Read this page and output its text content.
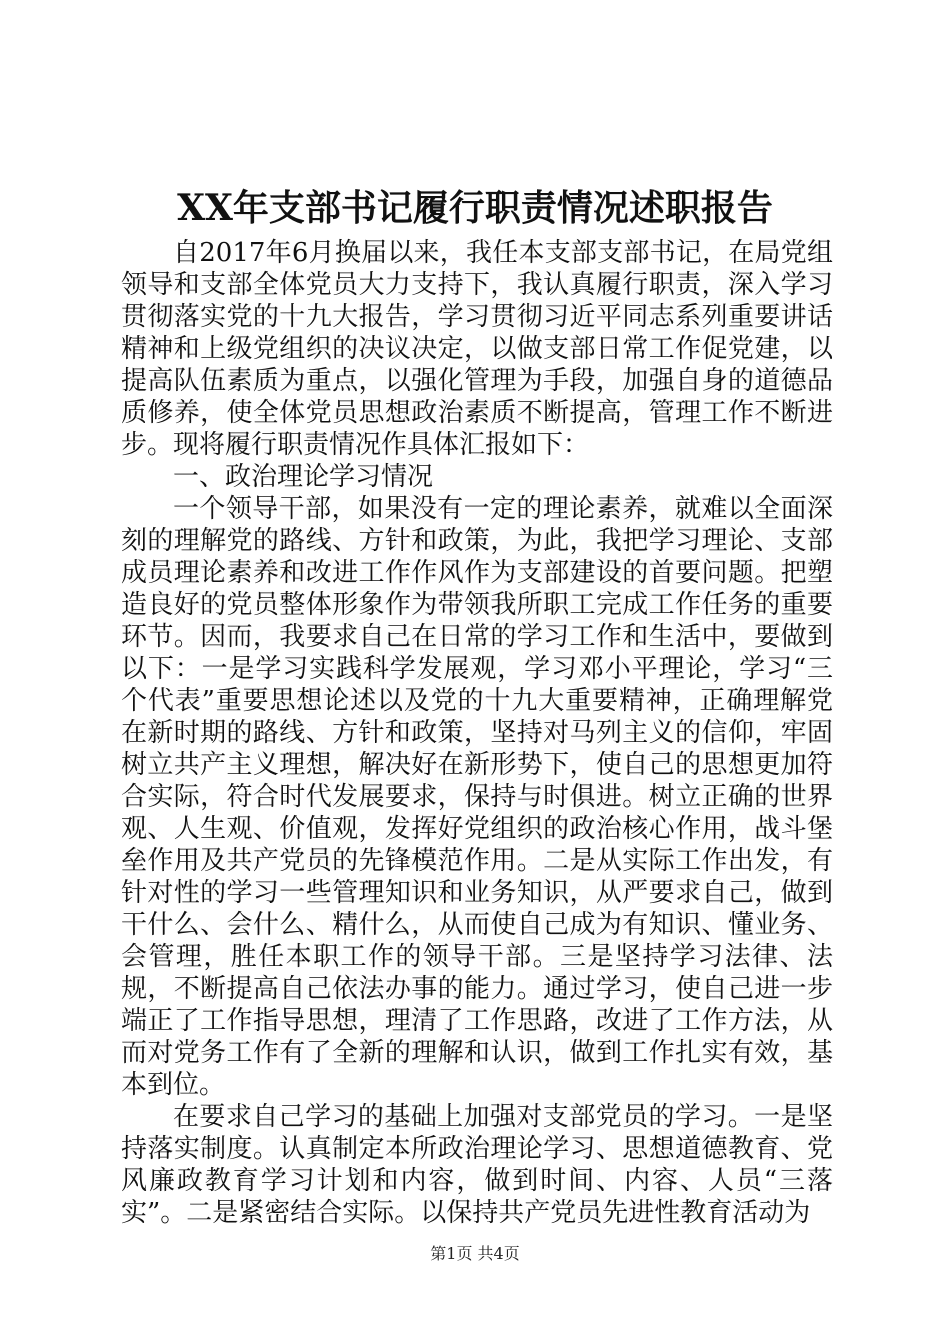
XX年支部书记履行职责情况述职报告

自2017年6月换届以来，我任本支部支部书记，在局党组领导和支部全体党员大力支持下，我认真履行职责，深入学习贯彻落实党的十九大报告，学习贯彻习近平同志系列重要讲话精神和上级党组织的决议决定，以做支部日常工作促党建，以提高队伍素质为重点，以强化管理为手段，加强自身的道德品质修养，使全体党员思想政治素质不断提高，管理工作不断进步。现将履行职责情况作具体汇报如下：

一、政治理论学习情况

一个领导干部，如果没有一定的理论素养，就难以全面深刻的理解党的路线、方针和政策，为此，我把学习理论、支部成员理论素养和改进工作作风作为支部建设的首要问题。把塑造良好的党员整体形象作为带领我所职工完成工作任务的重要环节。因而，我要求自己在日常的学习工作和生活中，要做到以下：一是学习实践科学发展观，学习邓小平理论，学习“三个代表”重要思想论述以及党的十九大重要精神，正确理解党在新时期的路线、方针和政策，坚持对马列主义的信仰，牢固树立共产主义理想，解决好在新形势下，使自己的思想更加符合实际，符合时代发展要求，保持与时俱进。树立正确的世界观、人生观、价值观，发挥好党组织的政治核心作用，战斗堡垒作用及共产党员的先锋模范作用。二是从实际工作出发，有针对性的学习一些管理知识和业务知识，从严要求自己，做到干什么、会什么、精什么，从而使自己成为有知识、懂业务、会管理，胜任本职工作的领导干部。三是坚持学习法律、法规，不断提高自己依法办事的能力。通过学习，使自己进一步端正了工作指导思想，理清了工作思路，改进了工作方法，从而对党务工作有了全新的理解和认识，做到工作扎实有效，基本到位。

在要求自己学习的基础上加强对支部党员的学习。一是坚持落实制度。认真制定本所政治理论学习、思想道德教育、党风廉政教育学习计划和内容，做到时间、内容、人员“三落实”。二是紧密结合实际。以保持共产党员先进性教育活动为

第1页 共4页
